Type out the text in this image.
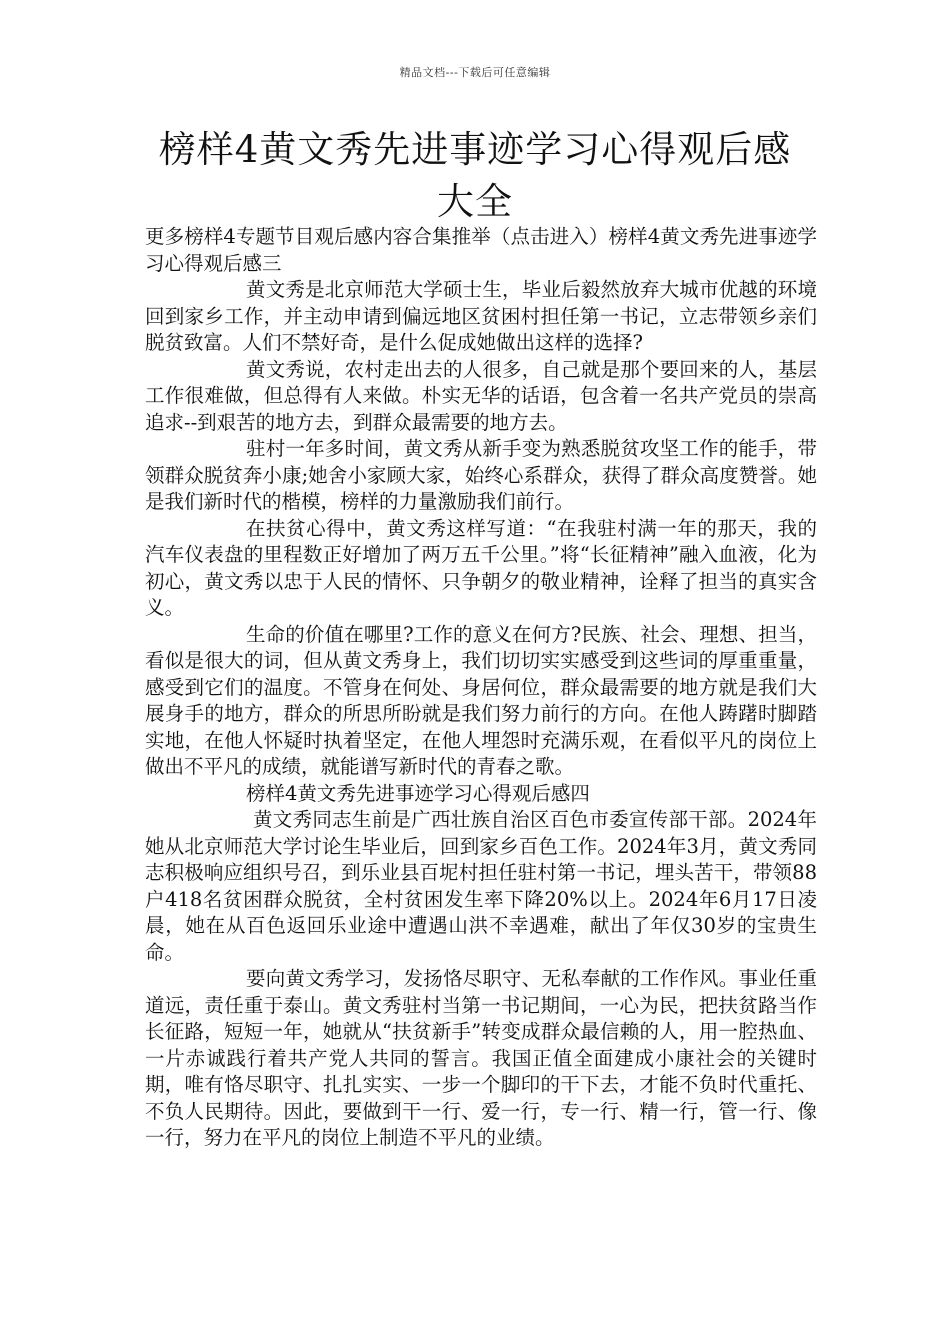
精品文档---下载后可任意编辑
榜样4黄文秀先进事迹学习心得观后感大全

更多榜样4专题节目观后感内容合集推举（点击进入）榜样4黄文秀先进事迹学习心得观后感三

黄文秀是北京师范大学硕士生，毕业后毅然放弃大城市优越的环境回到家乡工作，并主动申请到偏远地区贫困村担任第一书记，立志带领乡亲们脱贫致富。人们不禁好奇，是什么促成她做出这样的选择?

黄文秀说，农村走出去的人很多，自己就是那个要回来的人，基层工作很难做，但总得有人来做。朴实无华的话语，包含着一名共产党员的崇高追求--到艰苦的地方去，到群众最需要的地方去。

驻村一年多时间，黄文秀从新手变为熟悉脱贫攻坚工作的能手，带领群众脱贫奔小康;她舍小家顾大家，始终心系群众，获得了群众高度赞誉。她是我们新时代的楷模，榜样的力量激励我们前行。

在扶贫心得中，黄文秀这样写道：“在我驻村满一年的那天，我的汽车仪表盘的里程数正好增加了两万五千公里。”将“长征精神”融入血液，化为初心，黄文秀以忠于人民的情怀、只争朝夕的敬业精神，诠释了担当的真实含义。

生命的价值在哪里?工作的意义在何方?民族、社会、理想、担当，看似是很大的词，但从黄文秀身上，我们切切实实感受到这些词的厚重重量，感受到它们的温度。不管身在何处、身居何位，群众最需要的地方就是我们大展身手的地方，群众的所思所盼就是我们努力前行的方向。在他人踌躇时脚踏实地，在他人怀疑时执着坚定，在他人埋怨时充满乐观，在看似平凡的岗位上做出不平凡的成绩，就能谱写新时代的青春之歌。

榜样4黄文秀先进事迹学习心得观后感四

黄文秀同志生前是广西壮族自治区百色市委宣传部干部。2024年她从北京师范大学讨论生毕业后，回到家乡百色工作。2024年3月，黄文秀同志积极响应组织号召，到乐业县百坭村担任驻村第一书记，埋头苦干，带领88户418名贫困群众脱贫，全村贫困发生率下降20%以上。2024年6月17日凌晨，她在从百色返回乐业途中遭遇山洪不幸遇难，献出了年仅30岁的宝贵生命。

要向黄文秀学习，发扬恪尽职守、无私奉献的工作作风。事业任重道远，责任重于泰山。黄文秀驻村当第一书记期间，一心为民，把扶贫路当作长征路，短短一年，她就从“扶贫新手”转变成群众最信赖的人，用一腔热血、一片赤诚践行着共产党人共同的誓言。我国正值全面建成小康社会的关键时期，唯有恪尽职守、扎扎实实、一步一个脚印的干下去，才能不负时代重托、不负人民期待。因此，要做到干一行、爱一行，专一行、精一行，管一行、像一行，努力在平凡的岗位上制造不平凡的业绩。
